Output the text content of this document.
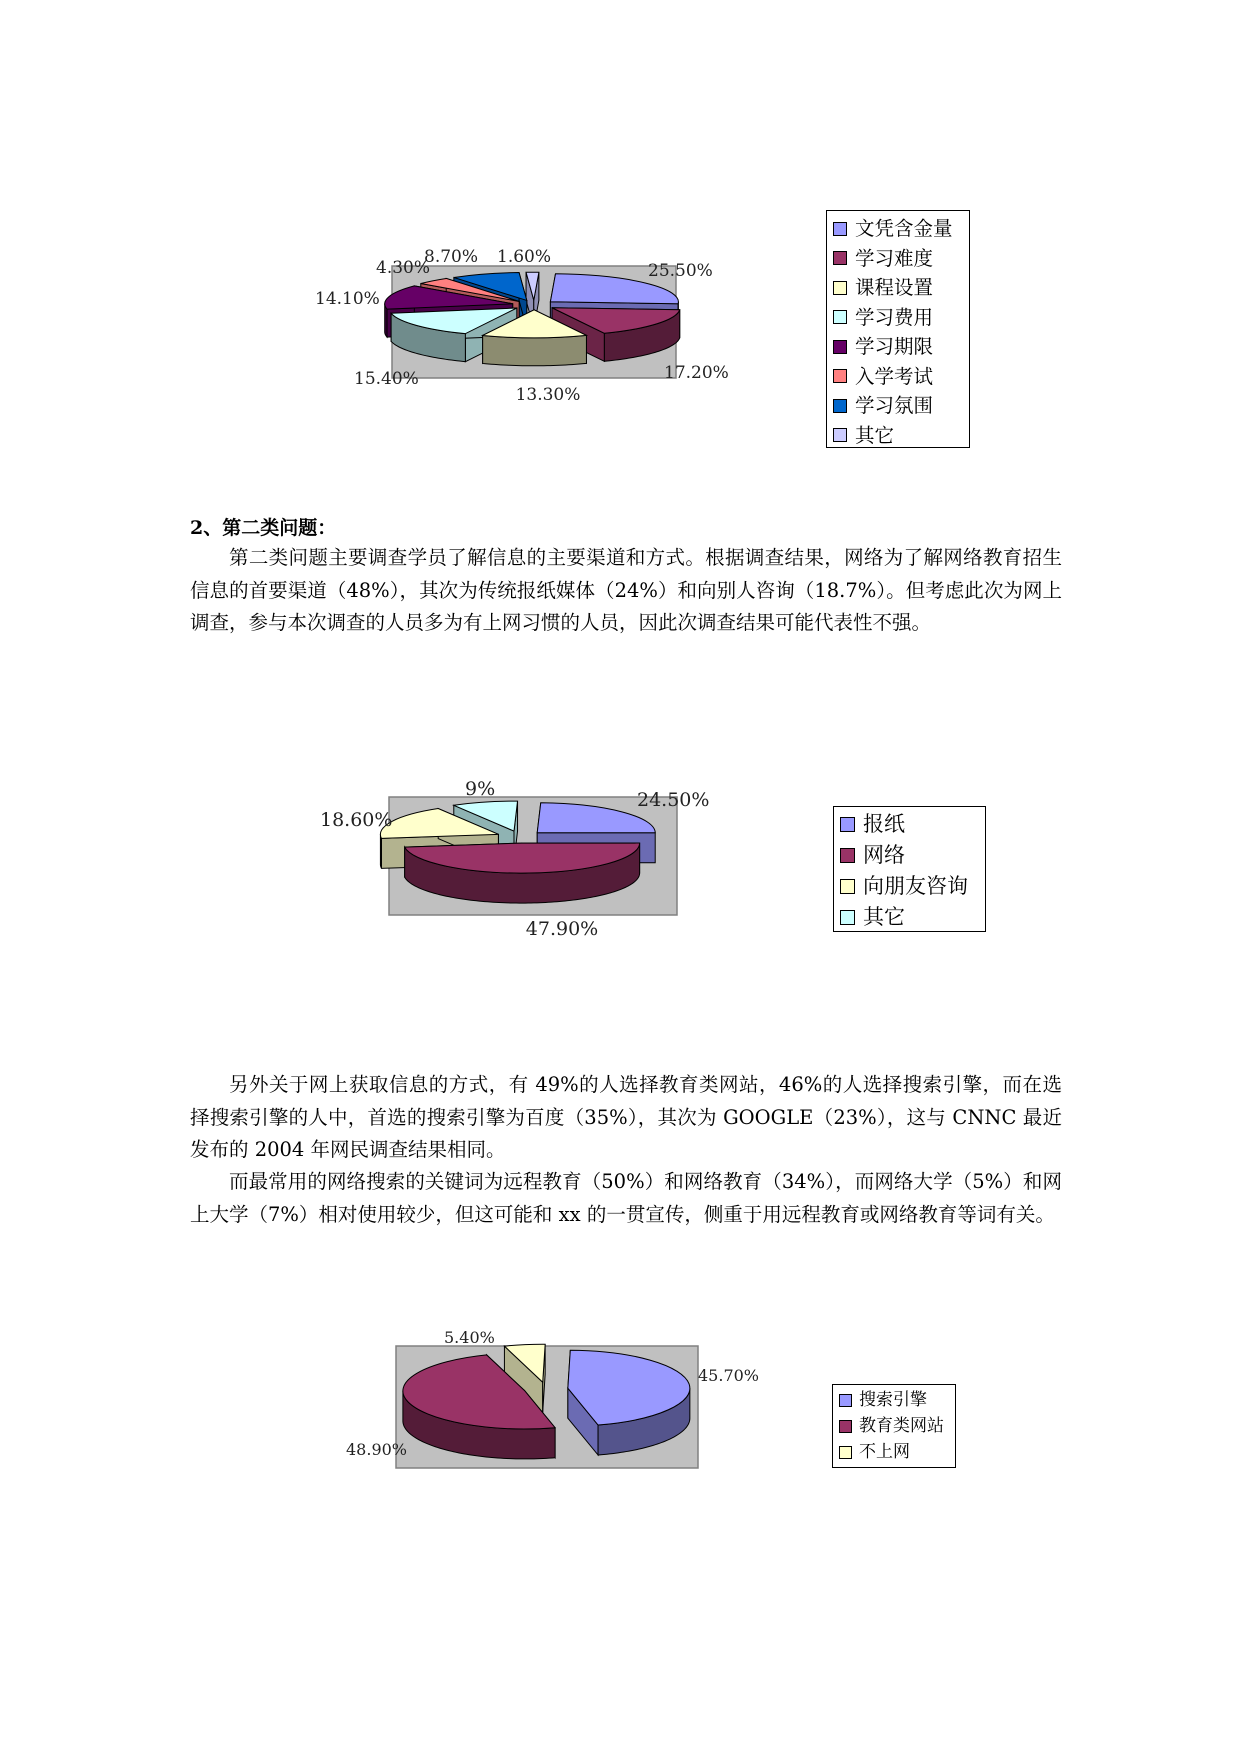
25.50%
17.20%
13.30%
15.40%
14.10%
4.30%
8.70% 1.60%
文凭含金量
学习难度
课程设置
学习费用
学习期限
入学考试
学习氛围
其它
2、第二类问题：

第二类问题主要调查学员了解信息的主要渠道和方式。根据调查结果，网络为了解网络教育招生信息的首要渠道（48%），其次为传统报纸媒体（24%）和向别人咨询（18.7%）。但考虑此次为网上调查，参与本次调查的人员多为有上网习惯的人员，因此次调查结果可能代表性不强。

24.50%
47.90%
18.60%
9%
报纸
网络
向朋友咨询
其它

另外关于网上获取信息的方式，有 49%的人选择教育类网站，46%的人选择搜索引擎，而在选择搜索引擎的人中，首选的搜索引擎为百度（35%），其次为 GOOGLE（23%），这与 CNNC 最近发布的 2004 年网民调查结果相同。

而最常用的网络搜索的关键词为远程教育（50%）和网络教育（34%），而网络大学（5%）和网上大学（7%）相对使用较少，但这可能和 xx 的一贯宣传，侧重于用远程教育或网络教育等词有关。

45.70%
48.90%
5.40%
搜索引擎
教育类网站
不上网
